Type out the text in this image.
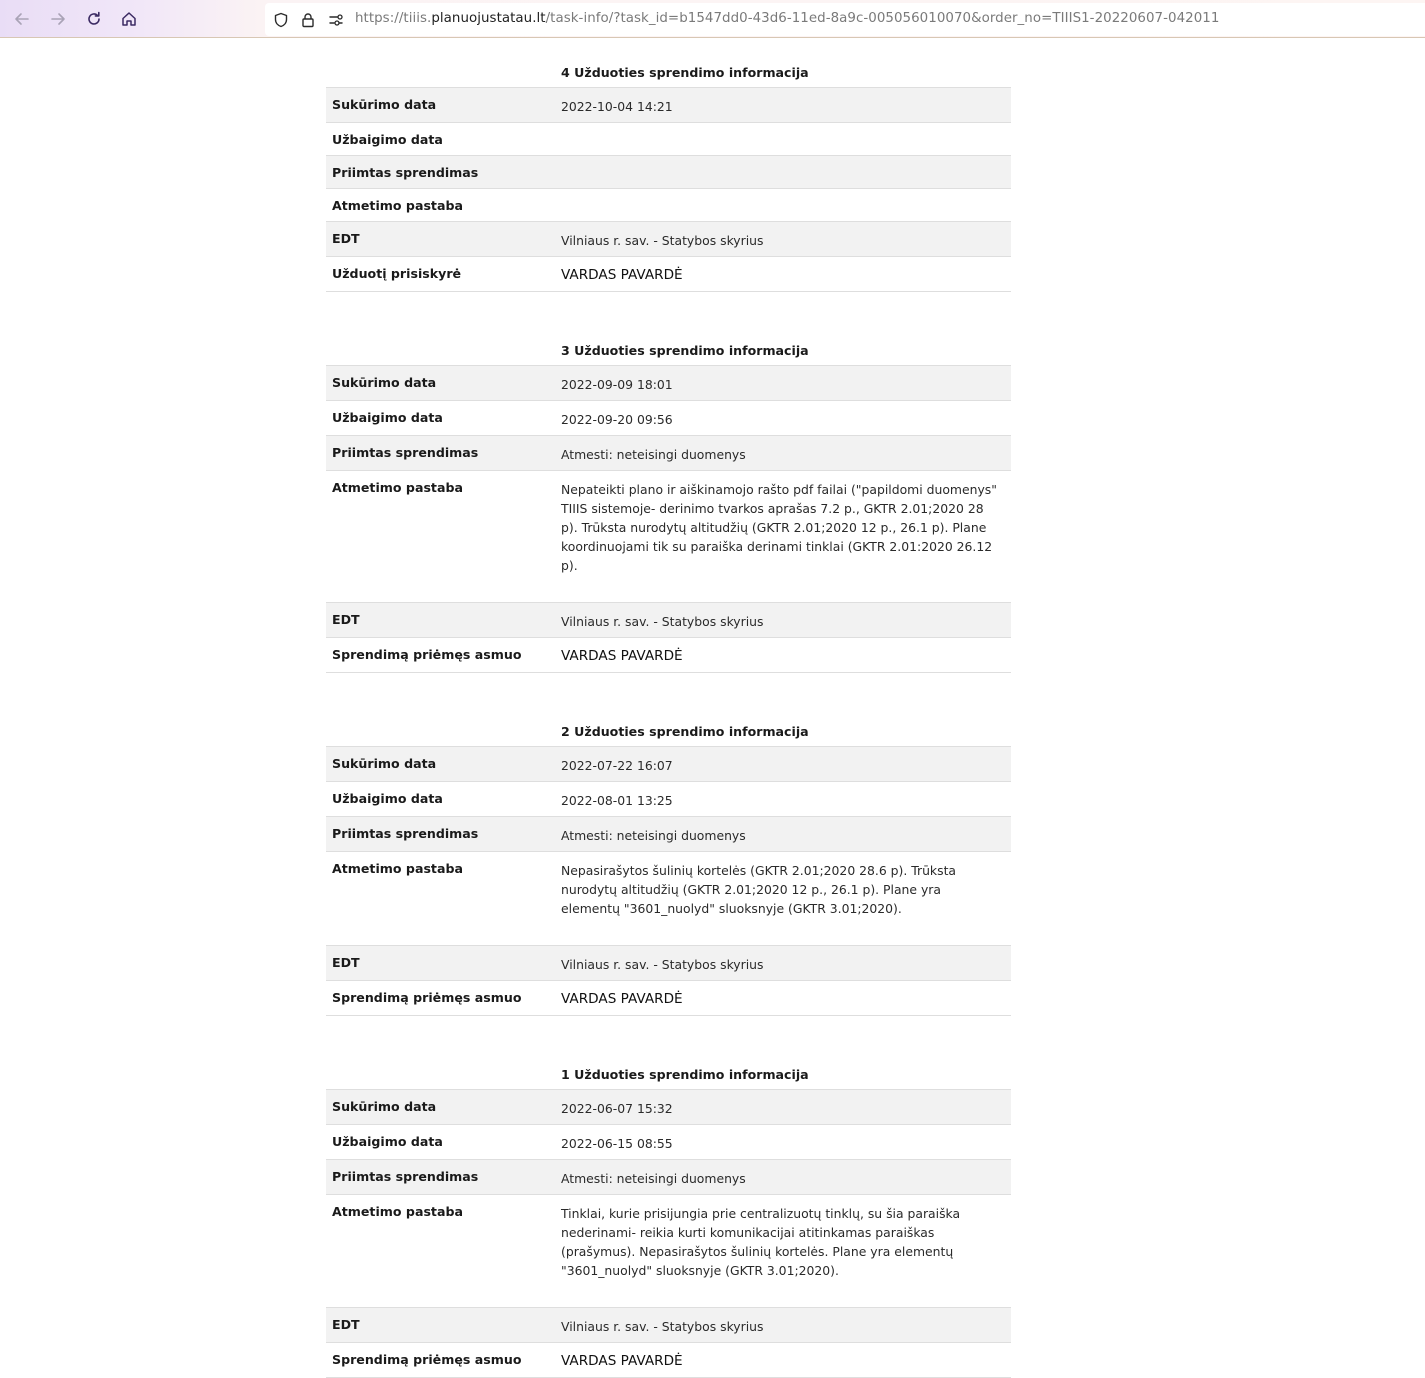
https://tiiis.planuojustatau.lt/task-info/?task_id=b1547dd0-43d6-11ed-8a9c-005056010070&order_no=TIIIS1-20220607-042011
4 Užduoties sprendimo informacija
Sukūrimo data	2022-10-04 14:21
Užbaigimo data
Priimtas sprendimas
Atmetimo pastaba
EDT	Vilniaus r. sav. - Statybos skyrius
Užduotį prisiskyrė	VARDAS PAVARDĖ
3 Užduoties sprendimo informacija
Sukūrimo data	2022-09-09 18:01
Užbaigimo data	2022-09-20 09:56
Priimtas sprendimas	Atmesti: neteisingi duomenys
Atmetimo pastaba	Nepateikti plano ir aiškinamojo rašto pdf failai ("papildomi duomenys" TIIIS sistemoje- derinimo tvarkos aprašas 7.2 p., GKTR 2.01;2020 28 p). Trūksta nurodytų altitudžių (GKTR 2.01;2020 12 p., 26.1 p). Plane koordinuojami tik su paraiška derinami tinklai (GKTR 2.01:2020 26.12 p).
EDT	Vilniaus r. sav. - Statybos skyrius
Sprendimą priėmęs asmuo	VARDAS PAVARDĖ
2 Užduoties sprendimo informacija
Sukūrimo data	2022-07-22 16:07
Užbaigimo data	2022-08-01 13:25
Priimtas sprendimas	Atmesti: neteisingi duomenys
Atmetimo pastaba	Nepasirašytos šulinių kortelės (GKTR 2.01;2020 28.6 p). Trūksta nurodytų altitudžių (GKTR 2.01;2020 12 p., 26.1 p). Plane yra elementų "3601_nuolyd" sluoksnyje (GKTR 3.01;2020).
EDT	Vilniaus r. sav. - Statybos skyrius
Sprendimą priėmęs asmuo	VARDAS PAVARDĖ
1 Užduoties sprendimo informacija
Sukūrimo data	2022-06-07 15:32
Užbaigimo data	2022-06-15 08:55
Priimtas sprendimas	Atmesti: neteisingi duomenys
Atmetimo pastaba	Tinklai, kurie prisijungia prie centralizuotų tinklų, su šia paraiška nederinami- reikia kurti komunikacijai atitinkamas paraiškas (prašymus). Nepasirašytos šulinių kortelės. Plane yra elementų "3601_nuolyd" sluoksnyje (GKTR 3.01;2020).
EDT	Vilniaus r. sav. - Statybos skyrius
Sprendimą priėmęs asmuo	VARDAS PAVARDĖ
